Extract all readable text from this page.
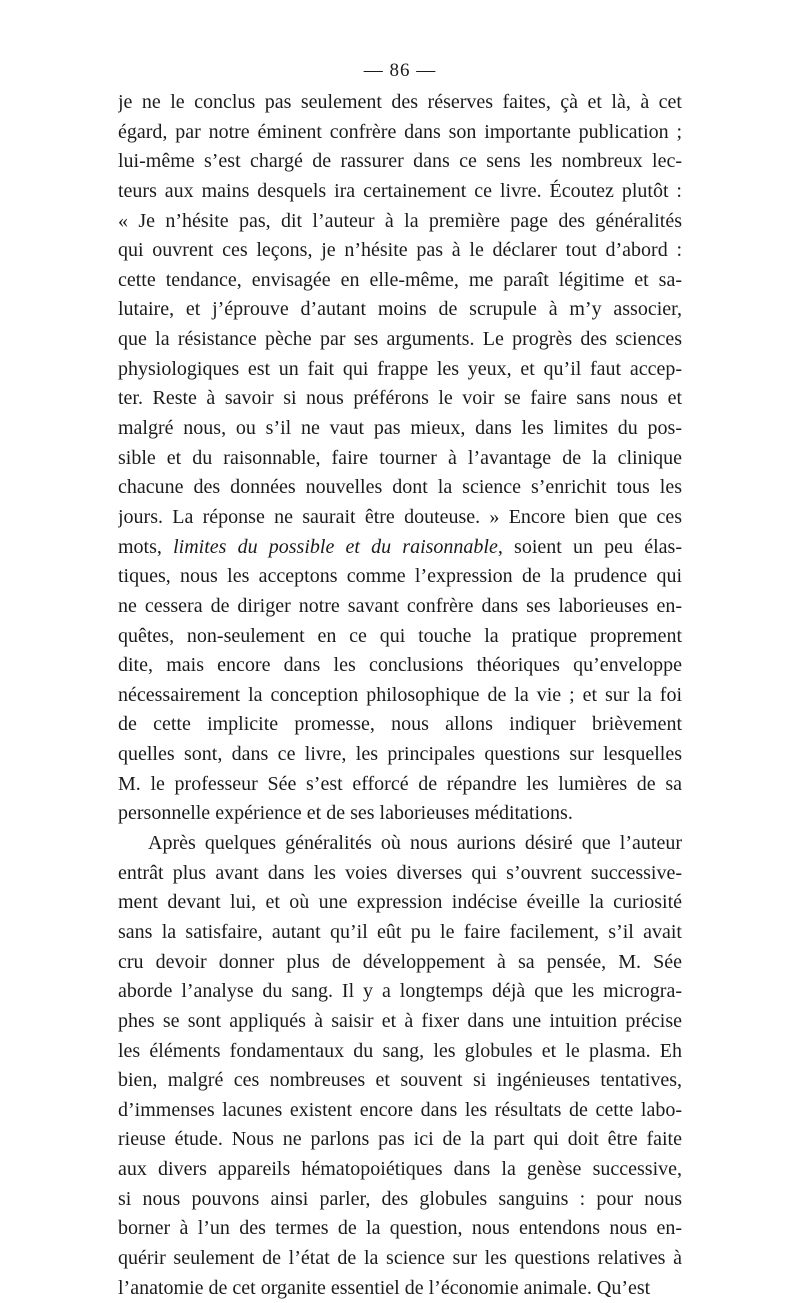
— 86 —
je ne le conclus pas seulement des réserves faites, çà et là, à cet
égard, par notre éminent confrère dans son importante publication ;
lui-même s’est chargé de rassurer dans ce sens les nombreux lec-
teurs aux mains desquels ira certainement ce livre. Écoutez plutôt :
« Je n’hésite pas, dit l’auteur à la première page des généralités
qui ouvrent ces leçons, je n’hésite pas à le déclarer tout d’abord :
cette tendance, envisagée en elle-même, me paraît légitime et sa-
lutaire, et j’éprouve d’autant moins de scrupule à m’y associer,
que la résistance pèche par ses arguments. Le progrès des sciences
physiologiques est un fait qui frappe les yeux, et qu’il faut accep-
ter. Reste à savoir si nous préférons le voir se faire sans nous et
malgré nous, ou s’il ne vaut pas mieux, dans les limites du pos-
sible et du raisonnable, faire tourner à l’avantage de la clinique
chacune des données nouvelles dont la science s’enrichit tous les
jours. La réponse ne saurait être douteuse. » Encore bien que ces
mots, limites du possible et du raisonnable, soient un peu élas-
tiques, nous les acceptons comme l’expression de la prudence qui
ne cessera de diriger notre savant confrère dans ses laborieuses en-
quêtes, non-seulement en ce qui touche la pratique proprement
dite, mais encore dans les conclusions théoriques qu’enveloppe
nécessairement la conception philosophique de la vie ; et sur la foi
de cette implicite promesse, nous allons indiquer brièvement
quelles sont, dans ce livre, les principales questions sur lesquelles
M. le professeur Sée s’est efforcé de répandre les lumières de sa
personnelle expérience et de ses laborieuses méditations.
Après quelques généralités où nous aurions désiré que l’auteur
entrât plus avant dans les voies diverses qui s’ouvrent successive-
ment devant lui, et où une expression indécise éveille la curiosité
sans la satisfaire, autant qu’il eût pu le faire facilement, s’il avait
cru devoir donner plus de développement à sa pensée, M. Sée
aborde l’analyse du sang. Il y a longtemps déjà que les microgra-
phes se sont appliqués à saisir et à fixer dans une intuition précise
les éléments fondamentaux du sang, les globules et le plasma. Eh
bien, malgré ces nombreuses et souvent si ingénieuses tentatives,
d’immenses lacunes existent encore dans les résultats de cette labo-
rieuse étude. Nous ne parlons pas ici de la part qui doit être faite
aux divers appareils hématopoiétiques dans la genèse successive,
si nous pouvons ainsi parler, des globules sanguins : pour nous
borner à l’un des termes de la question, nous entendons nous en-
quérir seulement de l’état de la science sur les questions relatives à
l’anatomie de cet organite essentiel de l’économie animale. Qu’est
